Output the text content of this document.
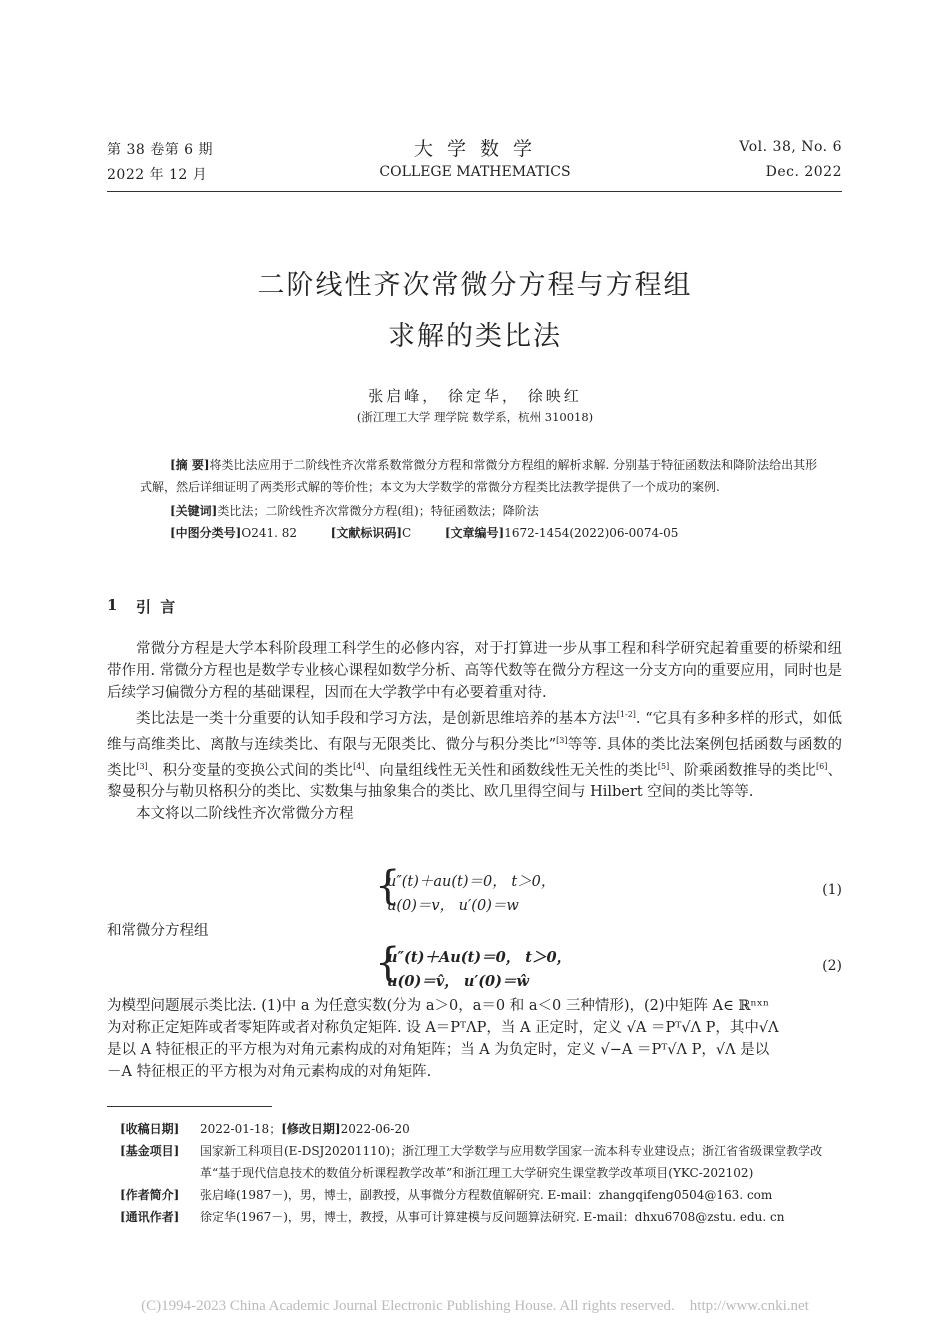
第 38 卷第 6 期
2022 年 12 月
大 学 数 学
COLLEGE MATHEMATICS
Vol. 38, No. 6
Dec. 2022
二阶线性齐次常微分方程与方程组
求解的类比法
张启峰， 徐定华， 徐映红
(浙江理工大学 理学院 数学系，杭州 310018)
[摘 要]将类比法应用于二阶线性齐次常系数常微分方程和常微分方程组的解析求解. 分别基于特征函数法和降阶法给出其形式解，然后详细证明了两类形式解的等价性；本文为大学数学的常微分方程类比法教学提供了一个成功的案例.
[关键词]类比法；二阶线性齐次常微分方程(组)；特征函数法；降阶法
[中图分类号]O241. 82	[文献标识码]C	[文章编号]1672-1454(2022)06-0074-05
1 引 言

常微分方程是大学本科阶段理工科学生的必修内容，对于打算进一步从事工程和科学研究起着重要的桥梁和纽带作用. 常微分方程也是数学专业核心课程如数学分析、高等代数等在微分方程这一分支方向的重要应用，同时也是后续学习偏微分方程的基础课程，因而在大学教学中有必要着重对待.

类比法是一类十分重要的认知手段和学习方法，是创新思维培养的基本方法[1-2]. “它具有多种多样的形式，如低维与高维类比、离散与连续类比、有限与无限类比、微分与积分类比”[3]等等. 具体的类比法案例包括函数与函数的类比[3]、积分变量的变换公式间的类比[4]、向量组线性无关性和函数线性无关性的类比[5]、阶乘函数推导的类比[6]、黎曼积分与勒贝格积分的类比、实数集与抽象集合的类比、欧几里得空间与 Hilbert 空间的类比等等.

本文将以二阶线性齐次常微分方程

{
u″(t)＋au(t)＝0， t＞0，
u(0)＝v， u′(0)＝w
(1)
和常微分方程组
{
u″(t)＋Au(t)＝0， t＞0，
u(0)＝v̂， u′(0)＝ŵ
(2)
为模型问题展示类比法. (1)中 a 为任意实数(分为 a＞0，a＝0 和 a＜0 三种情形)，(2)中矩阵 A∈ ℝⁿˣⁿ
为对称正定矩阵或者零矩阵或者对称负定矩阵. 设 A＝PᵀΛP，当 A 正定时，定义 √A ＝Pᵀ√Λ P，其中√Λ
是以 A 特征根正的平方根为对角元素构成的对角矩阵；当 A 为负定时，定义 √−A ＝Pᵀ√Λ P，√Λ 是以
－A 特征根正的平方根为对角元素构成的对角矩阵.
[收稿日期]	2022-01-18；[修改日期]2022-06-20
[基金项目]	国家新工科项目(E-DSJ20201110)；浙江理工大学数学与应用数学国家一流本科专业建设点；浙江省省级课堂教学改革“基于现代信息技术的数值分析课程教学改革”和浙江理工大学研究生课堂教学改革项目(YKC-202102)
[作者简介]	张启峰(1987－)，男，博士，副教授，从事微分方程数值解研究. E-mail：zhangqifeng0504@163. com
[通讯作者]	徐定华(1967－)，男，博士，教授，从事可计算建模与反问题算法研究. E-mail：dhxu6708@zstu. edu. cn
(C)1994-2023 China Academic Journal Electronic Publishing House. All rights reserved.    http://www.cnki.net
